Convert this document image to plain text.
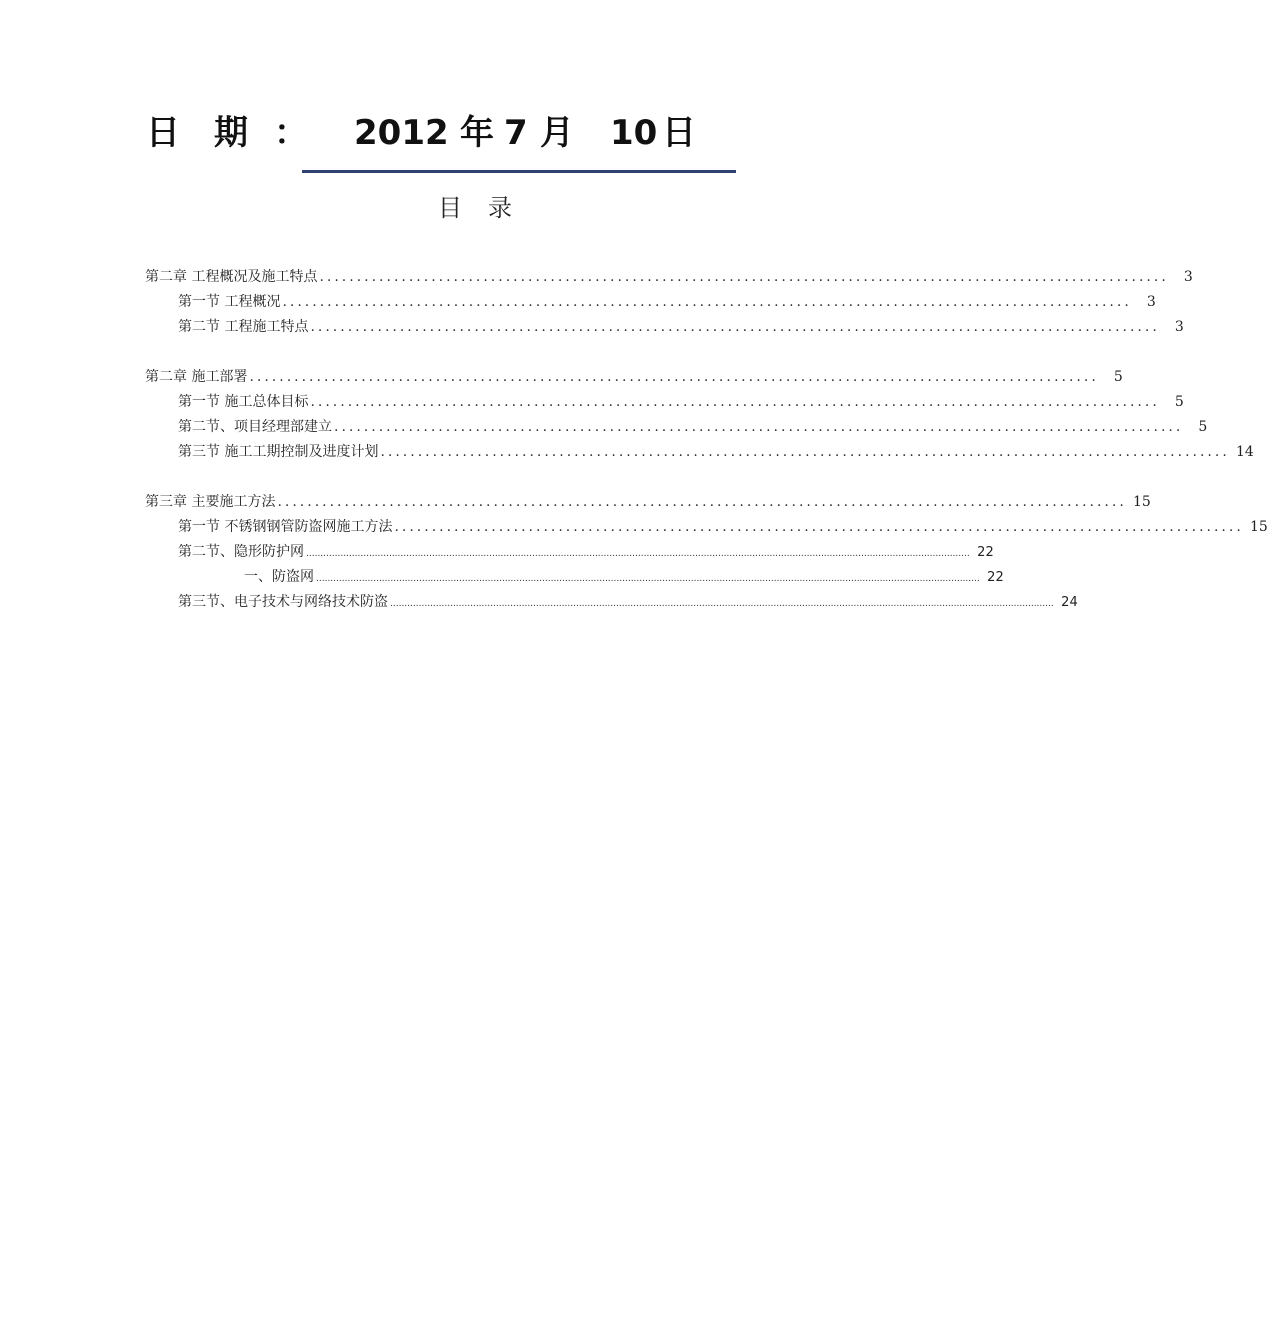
日 期 ： 2012 年 7 月 10 日
目录
第二章 工程概况及施工特点 ..................................................................................................................	3
第一节 工程概况 ..................................................................................................................	3
第二节 工程施工特点 ..................................................................................................................	3
第二章 施工部署 ..................................................................................................................	5
第一节 施工总体目标 ..................................................................................................................	5
第二节、项目经理部建立 ..................................................................................................................	5
第三节 施工工期控制及进度计划 .................................................................................................................. 14
第三章 主要施工方法 .................................................................................................................. 15
第一节 不锈钢钢管防盗网施工方法 .................................................................................................................. 15
第二节、隐形防护网 ........................................................................................................................................................................................................................................ 22
一、防盗网 ........................................................................................................................................................................................................................................ 22
第三节、电子技术与网络技术防盗 ........................................................................................................................................................................................................................................ 24
